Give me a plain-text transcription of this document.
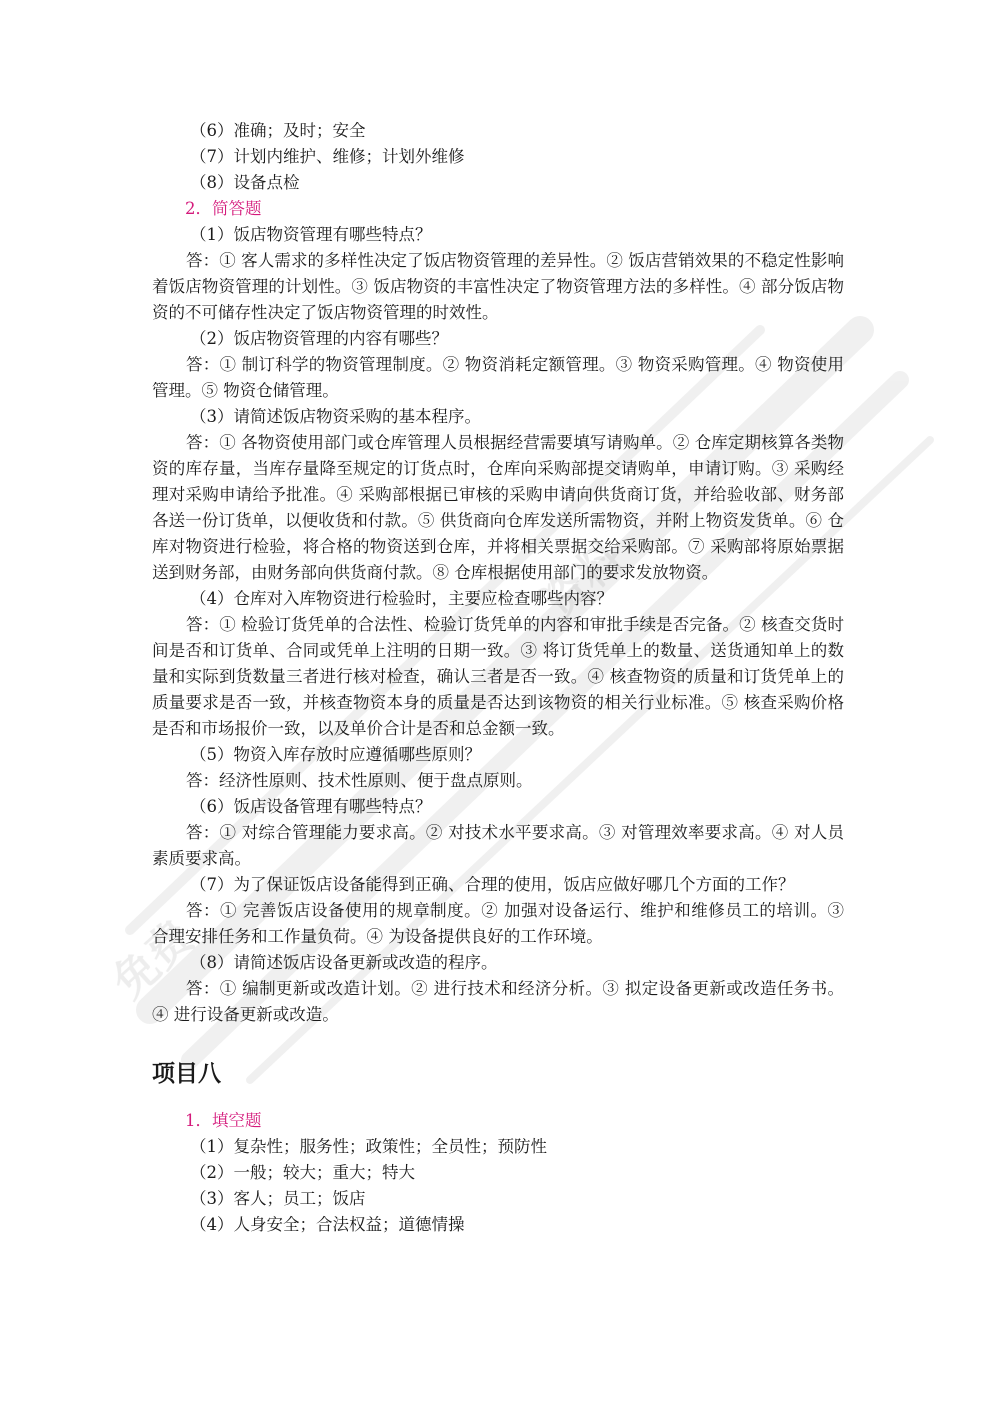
免费
资料

（6）准确；及时；安全

（7）计划内维护、维修；计划外维修

（8）设备点检

2．简答题

（1）饭店物资管理有哪些特点？

答：① 客人需求的多样性决定了饭店物资管理的差异性。② 饭店营销效果的不稳定性影响着饭店物资管理的计划性。③ 饭店物资的丰富性决定了物资管理方法的多样性。④ 部分饭店物资的不可储存性决定了饭店物资管理的时效性。

（2）饭店物资管理的内容有哪些？

答：① 制订科学的物资管理制度。② 物资消耗定额管理。③ 物资采购管理。④ 物资使用管理。⑤ 物资仓储管理。

（3）请简述饭店物资采购的基本程序。

答：① 各物资使用部门或仓库管理人员根据经营需要填写请购单。② 仓库定期核算各类物资的库存量，当库存量降至规定的订货点时，仓库向采购部提交请购单，申请订购。③ 采购经理对采购申请给予批准。④ 采购部根据已审核的采购申请向供货商订货，并给验收部、财务部各送一份订货单，以便收货和付款。⑤ 供货商向仓库发送所需物资，并附上物资发货单。⑥ 仓库对物资进行检验，将合格的物资送到仓库，并将相关票据交给采购部。⑦ 采购部将原始票据送到财务部，由财务部向供货商付款。⑧ 仓库根据使用部门的要求发放物资。

（4）仓库对入库物资进行检验时，主要应检查哪些内容？

答：① 检验订货凭单的合法性、检验订货凭单的内容和审批手续是否完备。② 核查交货时间是否和订货单、合同或凭单上注明的日期一致。③ 将订货凭单上的数量、送货通知单上的数量和实际到货数量三者进行核对检查，确认三者是否一致。④ 核查物资的质量和订货凭单上的质量要求是否一致，并核查物资本身的质量是否达到该物资的相关行业标准。⑤ 核查采购价格是否和市场报价一致，以及单价合计是否和总金额一致。

（5）物资入库存放时应遵循哪些原则？

答：经济性原则、技术性原则、便于盘点原则。

（6）饭店设备管理有哪些特点？

答：① 对综合管理能力要求高。② 对技术水平要求高。③ 对管理效率要求高。④ 对人员素质要求高。

（7）为了保证饭店设备能得到正确、合理的使用，饭店应做好哪几个方面的工作？

答：① 完善饭店设备使用的规章制度。② 加强对设备运行、维护和维修员工的培训。③ 合理安排任务和工作量负荷。④ 为设备提供良好的工作环境。

（8）请简述饭店设备更新或改造的程序。

答：① 编制更新或改造计划。② 进行技术和经济分析。③ 拟定设备更新或改造任务书。④ 进行设备更新或改造。

项目八

1．填空题

（1）复杂性；服务性；政策性；全员性；预防性

（2）一般；较大；重大；特大

（3）客人；员工；饭店

（4）人身安全；合法权益；道德情操
